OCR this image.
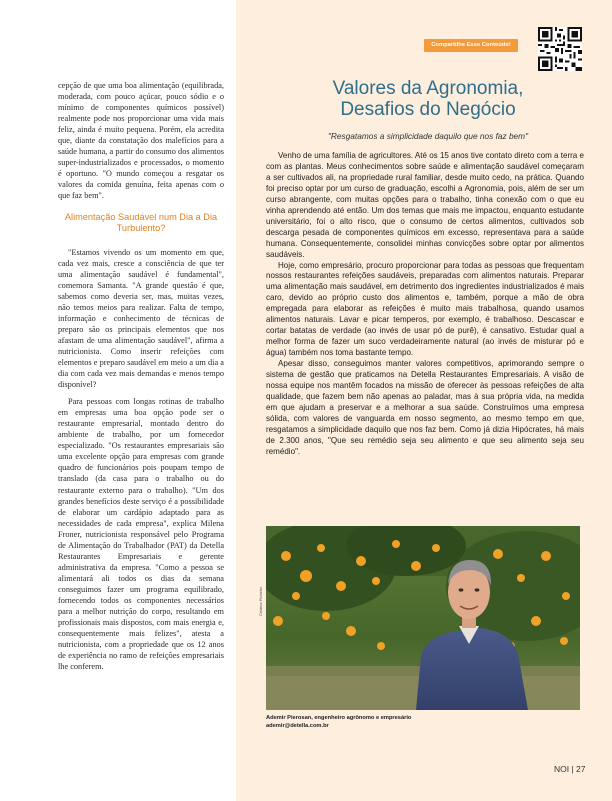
cepção de que uma boa alimentação (equilibrada, moderada, com pouco açúcar, pouco sódio e o mínimo de componentes químicos possível) realmente pode nos proporcionar uma vida mais feliz, ainda é muito pequena. Porém, ela acredita que, diante da constatação dos malefícios para a saúde humana, a partir do consumo dos alimentos super-industrializados e processados, o momento é oportuno. "O mundo começou a resgatar os valores da comida genuína, feita apenas com o que faz bem".

Alimentação Saudável num Dia a Dia Turbulento?

"Estamos vivendo os um momento em que, cada vez mais, cresce a consciência de que ter uma alimentação saudável é fundamental", comemora Samanta. "A grande questão é que, sabemos como deveria ser, mas, muitas vezes, não temos meios para realizar. Falta de tempo, informação e conhecimento de técnicas de preparo são os principais elementos que nos afastam de uma alimentação saudável", afirma a nutricionista. Como inserir refeições com elementos e preparo saudável em meio a um dia a dia com cada vez mais demandas e menos tempo disponível?

Para pessoas com longas rotinas de trabalho em empresas uma boa opção pode ser o restaurante empresarial, montado dentro do ambiente de trabalho, por um fornecedor especializado. "Os restaurantes empresariais são uma excelente opção para empresas com grande quadro de funcionários pois poupam tempo de translado (da casa para o trabalho ou do restaurante externo para o trabalho). "Um dos grandes benefícios deste serviço é a possibilidade de elaborar um cardápio adaptado para as necessidades de cada empresa", explica Milena Froner, nutricionista responsável pelo Programa de Alimentação do Trabalhador (PAT) da Detella Restaurantes Empresariais e gerente administrativa da empresa. "Como a pessoa se alimentará ali todos os dias da semana conseguimos fazer um programa equilibrado, fornecendo todos os componentes necessários para a melhor nutrição do corpo, resultando em profissionais mais dispostos, com mais energia e, consequentemente mais felizes", atesta a nutricionista, com a propriedade que os 12 anos de experiência no ramo de refeições empresariais lhe conferem.

Compartilhe Esse Conteúdo!
Valores da Agronomia,
Desafios do Negócio
"Resgatamos a simplicidade daquilo que nos faz bem"

Venho de uma família de agricultores. Até os 15 anos tive contato direto com a terra e com as plantas. Meus conhecimentos sobre saúde e alimentação saudável começaram a ser cultivados ali, na propriedade rural familiar, desde muito cedo, na prática. Quando foi preciso optar por um curso de graduação, escolhi a Agronomia, pois, além de ser um curso abrangente, com muitas opções para o trabalho, tinha conexão com o que eu vinha aprendendo até então. Um dos temas que mais me impactou, enquanto estudante universitário, foi o alto risco, que o consumo de certos alimentos, cultivados sob descarga pesada de componentes químicos em excesso, representava para a saúde humana. Consequentemente, consolidei minhas convicções sobre optar por alimentos saudáveis.

Hoje, como empresário, procuro proporcionar para todas as pessoas que frequentam nossos restaurantes refeições saudáveis, preparadas com alimentos naturais. Preparar uma alimentação mais saudável, em detrimento dos ingredientes industrializados é mais caro, devido ao próprio custo dos alimentos e, também, porque a mão de obra empregada para elaborar as refeições é muito mais trabalhosa, quando usamos alimentos naturais. Lavar e picar temperos, por exemplo, é trabalhoso. Descascar e cortar batatas de verdade (ao invés de usar pó de purê), é cansativo. Estudar qual a melhor forma de fazer um suco verdadeiramente natural (ao invés de misturar pó e água) também nos toma bastante tempo.

Apesar disso, conseguimos manter valores competitivos, aprimorando sempre o sistema de gestão que praticamos na Detella Restaurantes Empresariais. A visão de nossa equipe nos mantêm focados na missão de oferecer às pessoas refeições de alta qualidade, que fazem bem não apenas ao paladar, mas à sua própria vida, na medida em que ajudam a preservar e a melhorar a sua saúde. Construímos uma empresa sólida, com valores de vanguarda em nosso segmento, ao mesmo tempo em que, resgatamos a simplicidade daquilo que nos faz bem. Como já dizia Hipócrates, há mais de 2.300 anos, "Que seu remédio seja seu alimento e que seu alimento seja seu remédio".

Cristina Pinheiro
Ademir Pierosan, engenheiro agrônomo e empresário
ademir@detella.com.br
NOI | 27
